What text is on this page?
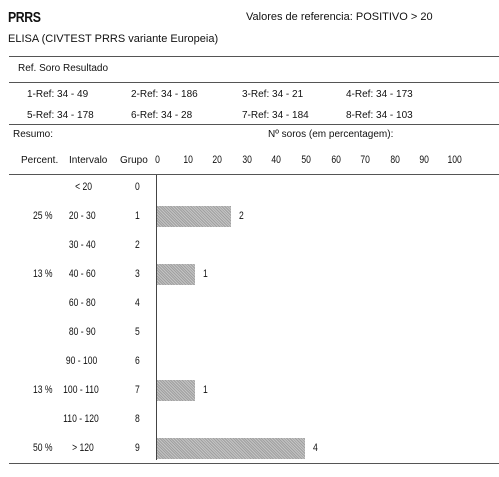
PRRS	Valores de referencia: POSITIVO > 20
ELISA (CIVTEST PRRS variante Europeia)
Ref. Soro Resultado
1-Ref: 34 - 49	2-Ref: 34 - 186	3-Ref: 34 - 21	4-Ref: 34 - 173
5-Ref: 34 - 178	6-Ref: 34 - 28	7-Ref: 34 - 184	8-Ref: 34 - 103
Resumo:	Nº soros (em percentagem):
Percent. Intervalo Grupo 0 10 20 30 40 50 60 70 80 90 100
< 20	0
25 % 20 - 30	1	2
30 - 40	2
13 % 40 - 60	3	1
60 - 80	4
80 - 90	5
90 - 100	6
13 % 100 - 110	7	1
110 - 120	8
50 % > 120	9	4
